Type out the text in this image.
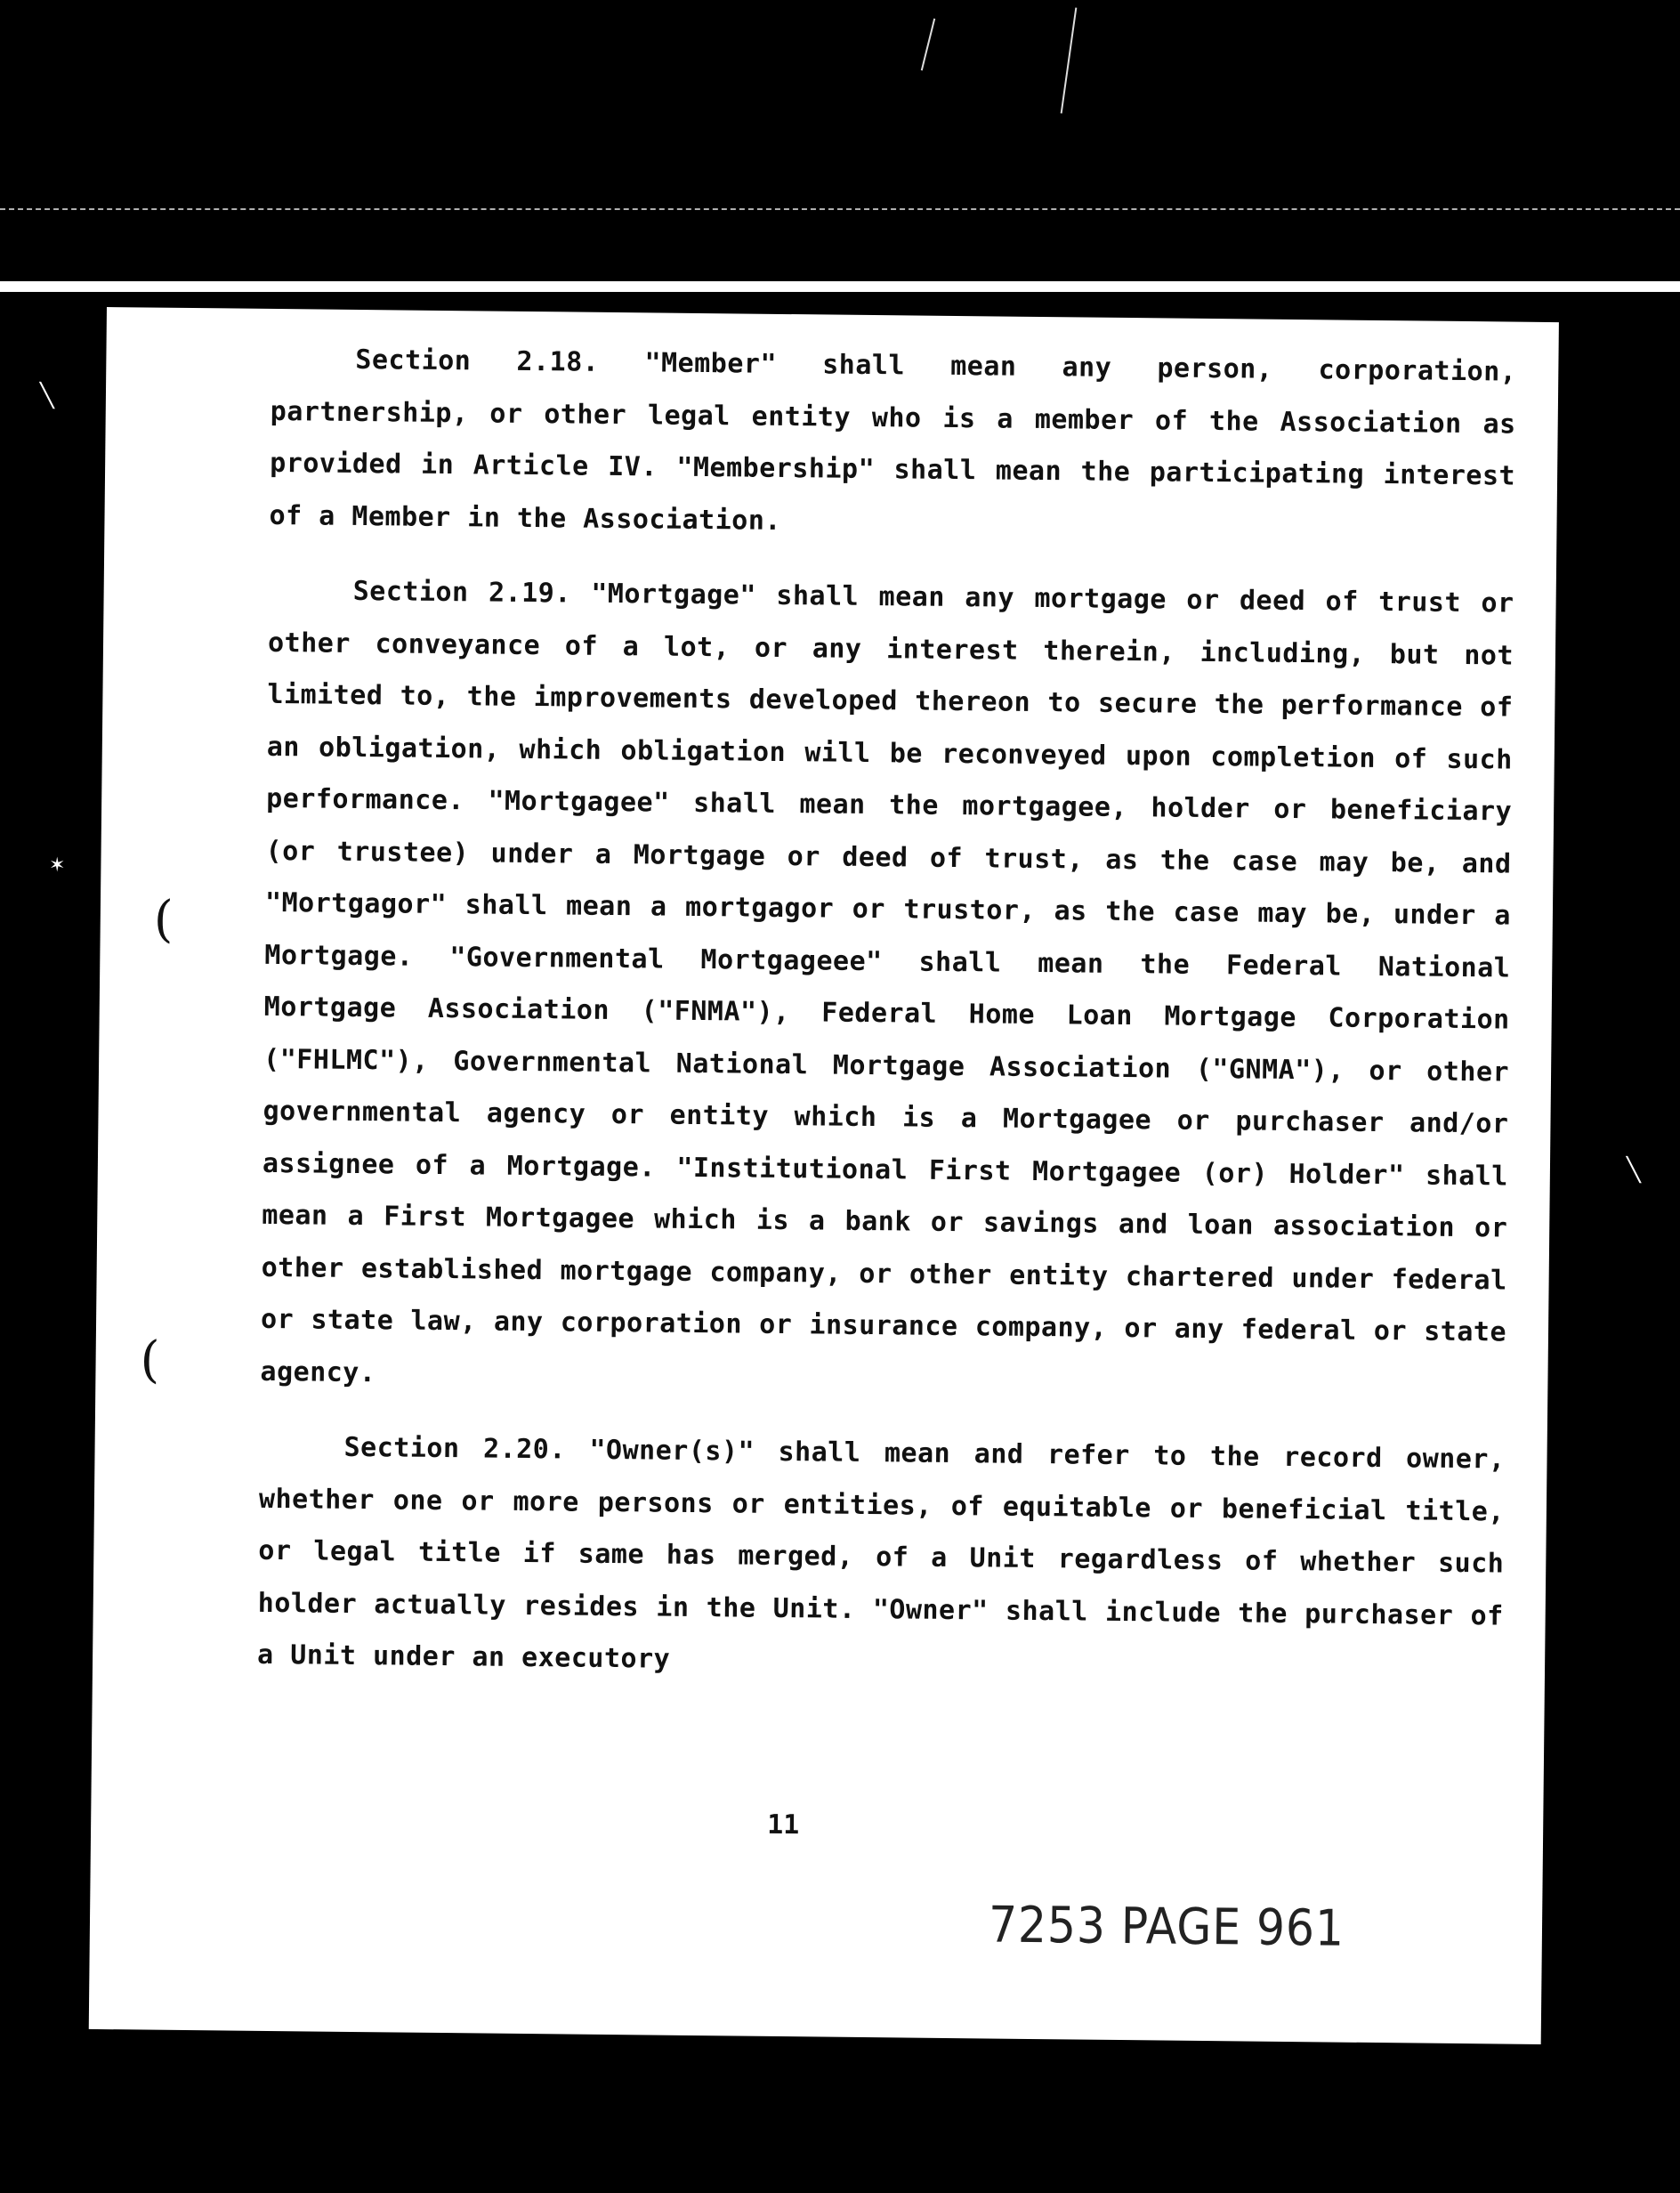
╲
╲
✶
(
(

Section 2.18. "Member" shall mean any person, corporation, partnership, or other legal entity who is a member of the Association as provided in Article IV. "Membership" shall mean the participating interest of a Member in the Association.

Section 2.19. "Mortgage" shall mean any mortgage or deed of trust or other conveyance of a lot, or any interest therein, including, but not limited to, the improvements developed thereon to secure the performance of an obligation, which obligation will be reconveyed upon completion of such performance. "Mortgagee" shall mean the mortgagee, holder or beneficiary (or trustee) under a Mortgage or deed of trust, as the case may be, and "Mortgagor" shall mean a mortgagor or trustor, as the case may be, under a Mortgage. "Governmental Mortgageee" shall mean the Federal National Mortgage Association ("FNMA"), Federal Home Loan Mortgage Corporation ("FHLMC"), Governmental National Mortgage Association ("GNMA"), or other governmental agency or entity which is a Mortgagee or purchaser and/or assignee of a Mortgage. "Institutional First Mortgagee (or) Holder" shall mean a First Mortgagee which is a bank or savings and loan association or other established mortgage company, or other entity chartered under federal or state law, any corporation or insurance company, or any federal or state agency.

Section 2.20. "Owner(s)" shall mean and refer to the record owner, whether one or more persons or entities, of equitable or beneficial title, or legal title if same has merged, of a Unit regardless of whether such holder actually resides in the Unit. "Owner" shall include the purchaser of a Unit under an executory

11
7253 PAGE 961
